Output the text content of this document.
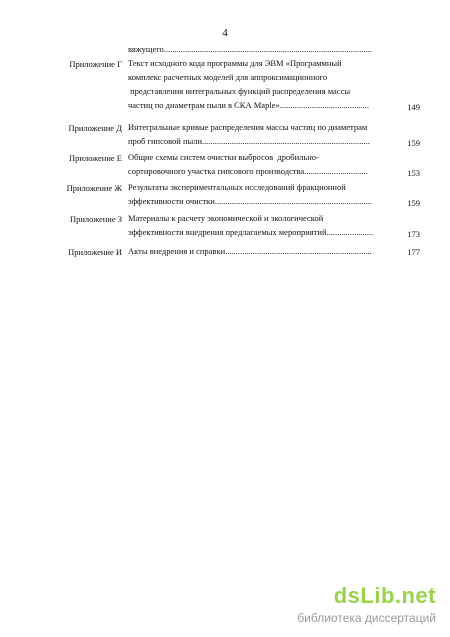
4
вяжущего..................................................................................................
Приложение Г Текст исходного кода программы для ЭВМ «Программный
комплекс расчетных моделей для аппроксимационного
представления интегральных функций распределения массы
частиц по диаметрам пыли в СКА Maple»..........................................	149
Приложение Д Интегральные кривые распределения массы частиц по диаметрам
проб гипсовой пыли...............................................................................	159
Приложение Е Общие схемы систем очистки выбросов  дробильно-
сортировочного участка гипсового производства..............................	153
Приложение Ж Результаты экспериментальных исследований фракционной
эффективности очистки..........................................................................	159
Приложение З Материалы к расчету экономической и экологической
эффективности внедрения предлагаемых мероприятий......................	173
Приложение И Акты внедрения и справки.....................................................................	177
dsLib.net
библиотека диссертаций
